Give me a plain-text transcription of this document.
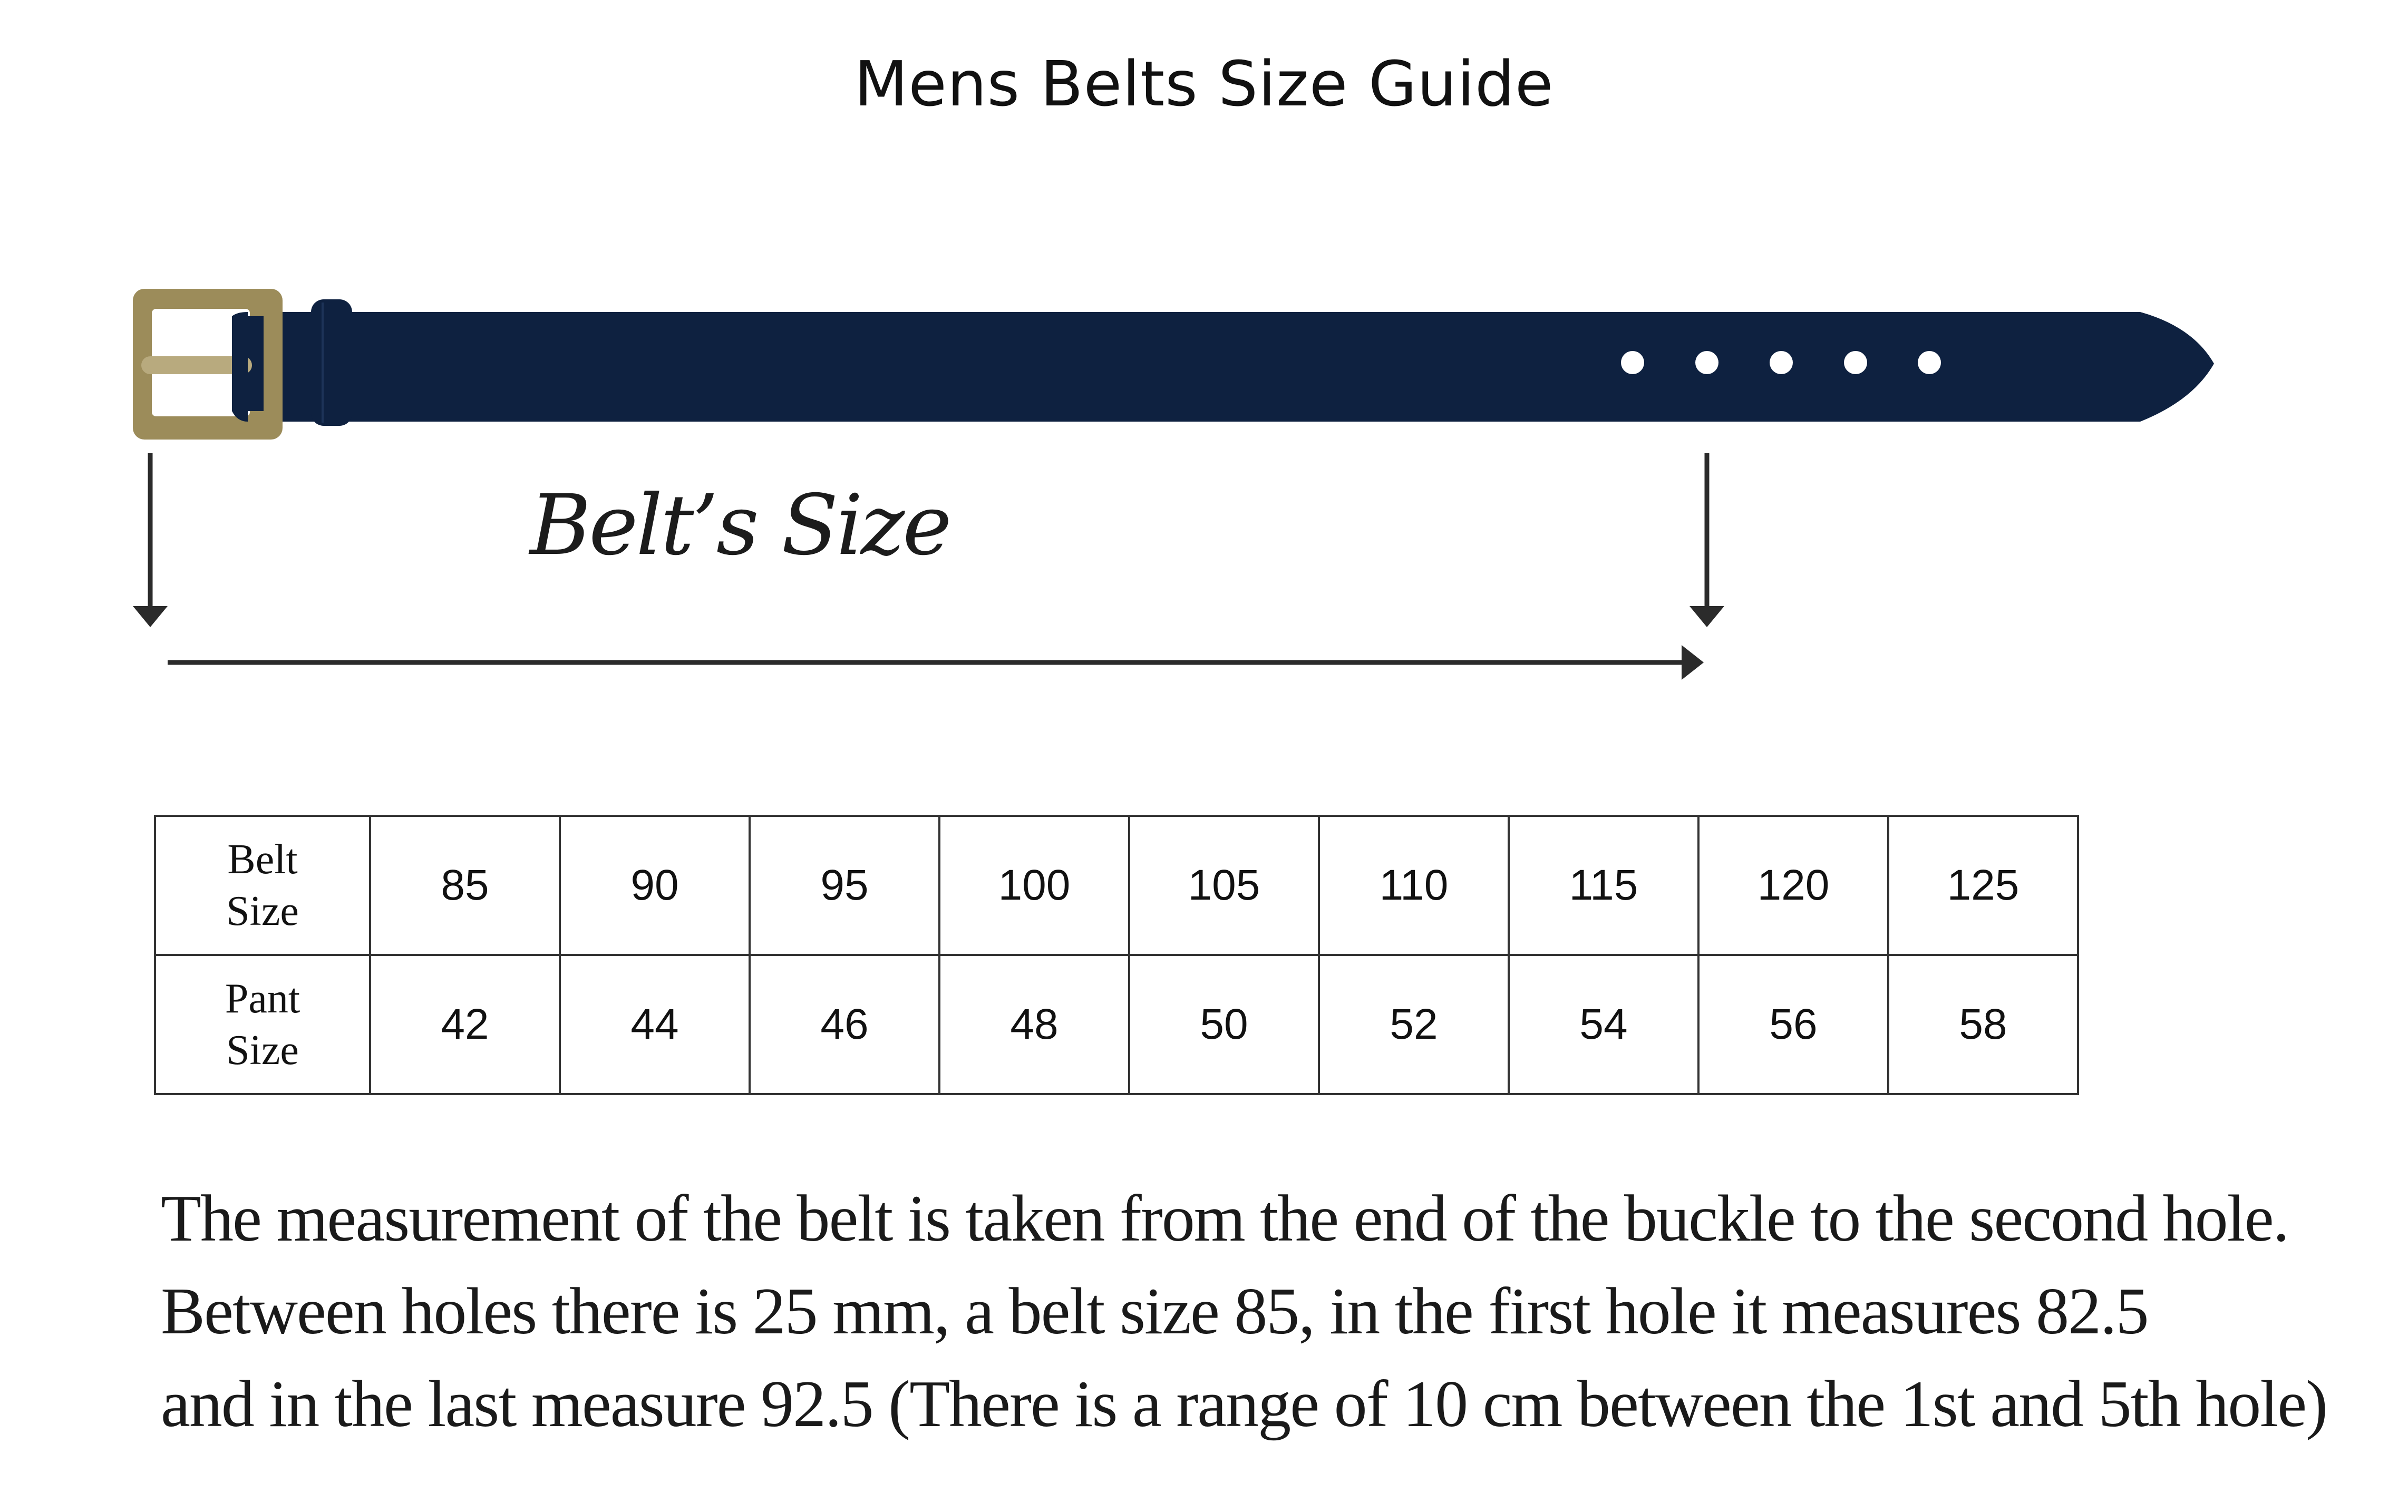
Mens Belts Size Guide
Belt’s Size
Belt
Size	85	90	95	100	105	110	115	120	125
Pant
Size	42	44	46	48	50	52	54	56	58

The measurement of the belt is taken from the end of the buckle to the second hole.

Between holes there is 25 mm, a belt size 85, in the first hole it measures 82.5

and in the last measure 92.5 (There is a range of 10 cm between the 1st and 5th hole)
